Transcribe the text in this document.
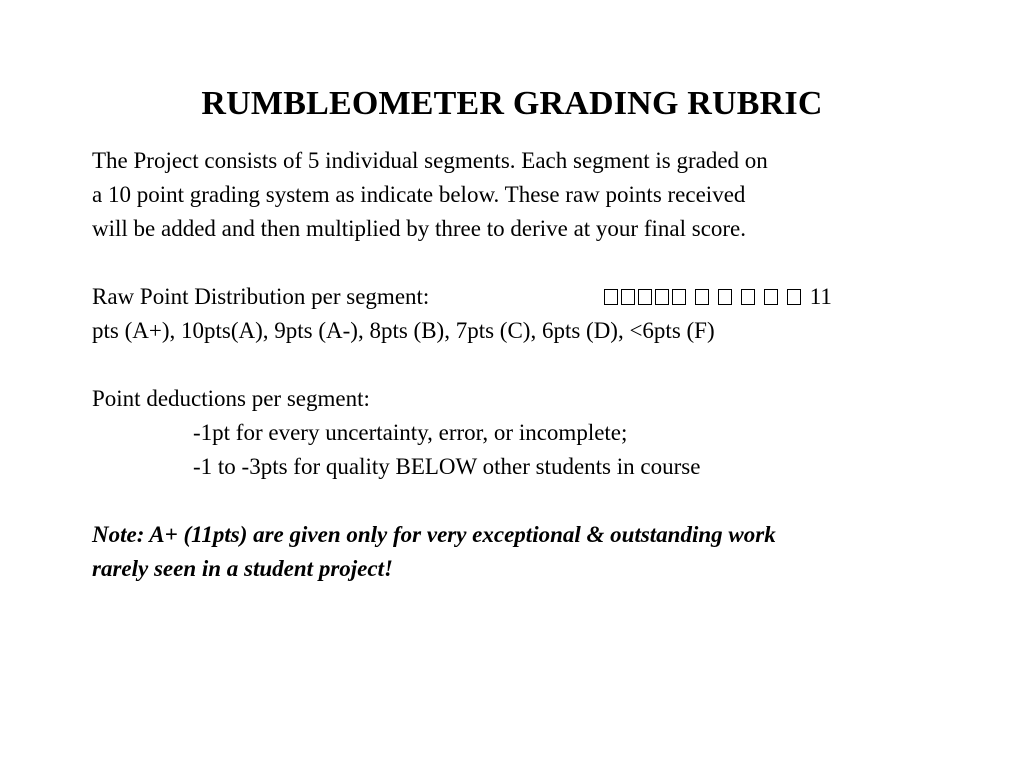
RUMBLEOMETER GRADING RUBRIC
The Project consists of 5 individual segments. Each segment is graded on
a 10 point grading system as indicate below. These raw points received
will be added and then multiplied by three to derive at your final score.
Raw Point Distribution per segment:	11
pts (A+), 10pts(A), 9pts (A-), 8pts (B), 7pts (C), 6pts (D), <6pts (F)
Point deductions per segment:
-1pt for every uncertainty, error, or incomplete;
-1 to -3pts for quality BELOW other students in course
Note: A+ (11pts) are given only for very exceptional & outstanding work
rarely seen in a student project!
